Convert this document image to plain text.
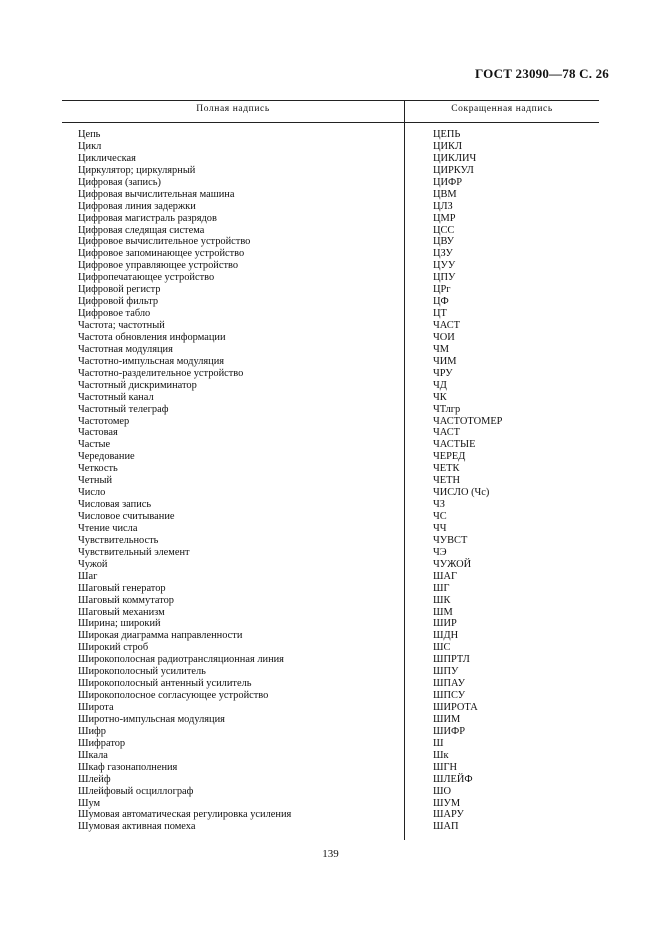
ГОСТ 23090—78 С. 26
Полная надпись	Сокращенная надпись
Цепь	ЦЕПЬ
Цикл	ЦИКЛ
Циклическая	ЦИКЛИЧ
Циркулятор; циркулярный	ЦИРКУЛ
Цифровая (запись)	ЦИФР
Цифровая вычислительная машина	ЦВМ
Цифровая линия задержки	ЦЛЗ
Цифровая магистраль разрядов	ЦМР
Цифровая следящая система	ЦСС
Цифровое вычислительное устройство	ЦВУ
Цифровое запоминающее устройство	ЦЗУ
Цифровое управляющее устройство	ЦУУ
Цифропечатающее устройство	ЦПУ
Цифровой регистр	ЦРг
Цифровой фильтр	ЦФ
Цифровое табло	ЦТ
Частота; частотный	ЧАСТ
Частота обновления информации	ЧОИ
Частотная модуляция	ЧМ
Частотно-импульсная модуляция	ЧИМ
Частотно-разделительное устройство	ЧРУ
Частотный дискриминатор	ЧД
Частотный канал	ЧК
Частотный телеграф	ЧТлгр
Частотомер	ЧАСТОТОМЕР
Частовая	ЧАСТ
Частые	ЧАСТЫЕ
Чередование	ЧЕРЕД
Четкость	ЧЕТК
Четный	ЧЕТН
Число	ЧИСЛО (Чс)
Числовая запись	ЧЗ
Числовое считывание	ЧС
Чтение числа	ЧЧ
Чувствительность	ЧУВСТ
Чувствительный элемент	ЧЭ
Чужой	ЧУЖОЙ
Шаг	ШАГ
Шаговый генератор	ШГ
Шаговый коммутатор	ШК
Шаговый механизм	ШМ
Ширина; широкий	ШИР
Широкая диаграмма направленности	ШДН
Широкий строб	ШС
Широкополосная радиотрансляционная линия	ШПРТЛ
Широкополосный усилитель	ШПУ
Широкополосный антенный усилитель	ШПАУ
Широкополосное согласующее устройство	ШПСУ
Широта	ШИРОТА
Широтно-импульсная модуляция	ШИМ
Шифр	ШИФР
Шифратор	Ш
Шкала	Шк
Шкаф газонаполнения	ШГН
Шлейф	ШЛЕЙФ
Шлейфовый осциллограф	ШО
Шум	ШУМ
Шумовая автоматическая регулировка усиления	ШАРУ
Шумовая активная помеха	ШАП
139
